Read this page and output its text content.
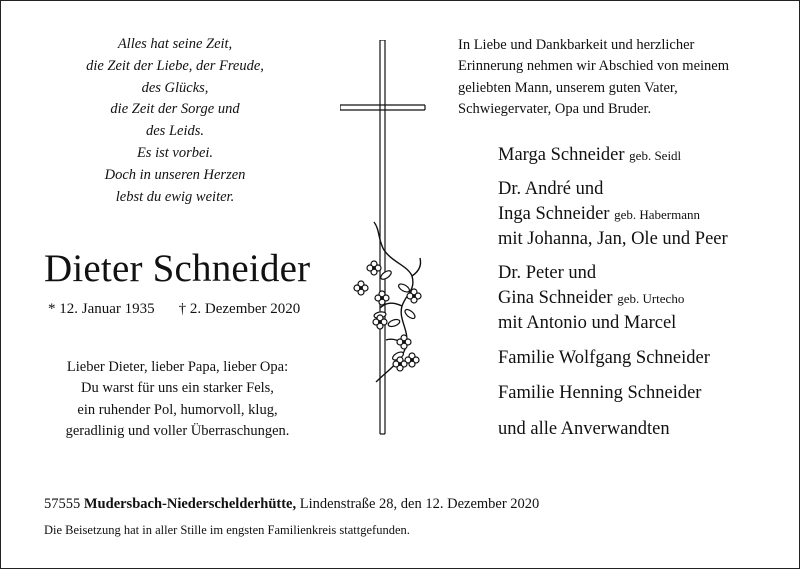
Alles hat seine Zeit,
die Zeit der Liebe, der Freude,
des Glücks,
die Zeit der Sorge und
des Leids.
Es ist vorbei.
Doch in unseren Herzen
lebst du ewig weiter.
Dieter Schneider
* 12. Januar 1935 † 2. Dezember 2020
Lieber Dieter, lieber Papa, lieber Opa:
Du warst für uns ein starker Fels,
ein ruhender Pol, humorvoll, klug,
geradlinig und voller Überraschungen.
In Liebe und Dankbarkeit und herzlicher
Erinnerung nehmen wir Abschied von meinem
geliebten Mann, unserem guten Vater,
Schwiegervater, Opa und Bruder.
Marga Schneider geb. Seidl
Dr. André und
Inga Schneider geb. Habermann
mit Johanna, Jan, Ole und Peer
Dr. Peter und
Gina Schneider geb. Urtecho
mit Antonio und Marcel
Familie Wolfgang Schneider
Familie Henning Schneider
und alle Anverwandten
57555 Mudersbach-Niederschelderhütte, Lindenstraße 28, den 12. Dezember 2020
Die Beisetzung hat in aller Stille im engsten Familienkreis stattgefunden.
